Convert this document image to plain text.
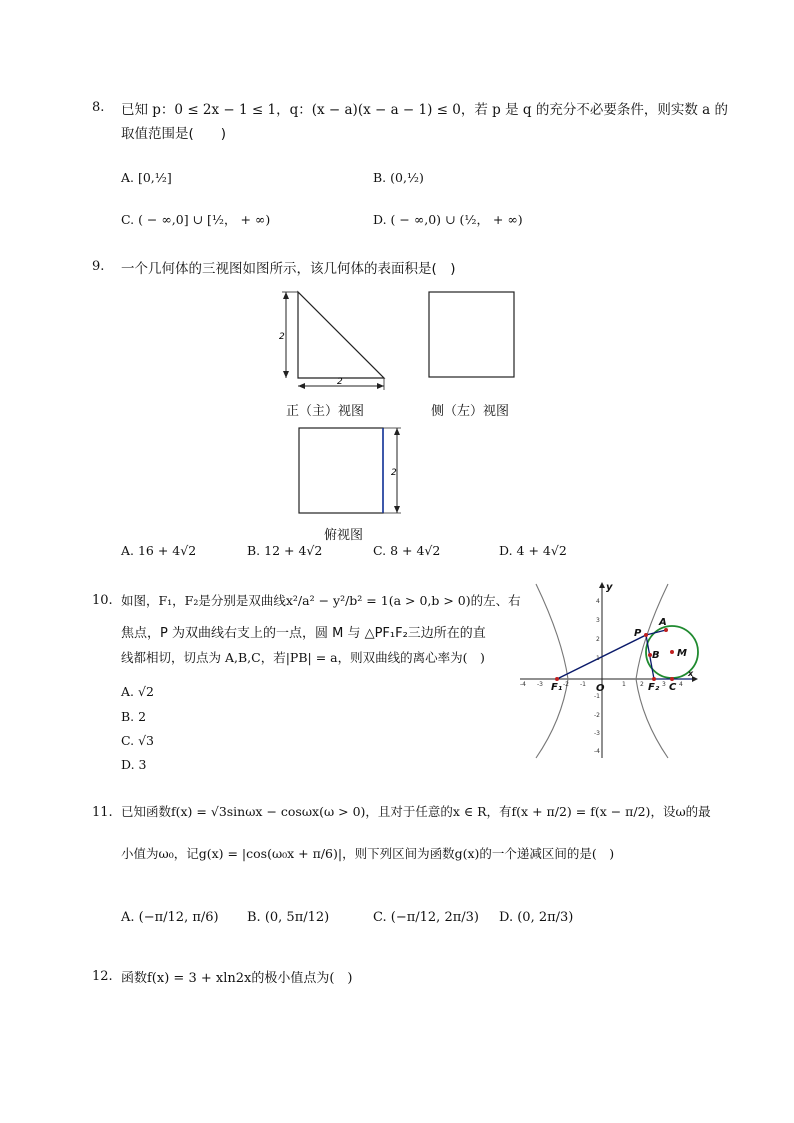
8. 已知 p：0 ≤ 2x − 1 ≤ 1，q：(x − a)(x − a − 1) ≤ 0，若 p 是 q 的充分不必要条件，则实数 a 的
取值范围是(　　)
A. [0,½]	B. (0,½)
C. ( − ∞,0] ∪ [½， + ∞)	D. ( − ∞,0) ∪ (½， + ∞)
9. 一个几何体的三视图如图所示，该几何体的表面积是(　)
2
2
正（主）视图	侧（左）视图
2
俯视图
A. 16 + 4√2	B. 12 + 4√2	C. 8 + 4√2	D. 4 + 4√2
10. 如图，F₁，F₂是分别是双曲线x²/a² − y²/b² = 1(a > 0,b > 0)的左、右
焦点，P 为双曲线右支上的一点，圆 M 与 △PF₁F₂三边所在的直
线都相切，切点为 A,B,C，若|PB| = a，则双曲线的离心率为(　)
A. √2
B. 2
C. √3
D. 3
-4 -3	-2 -1	1 2	3 4
4
3
2
1
-1
-2
-3
-4
y
x
O
F₁	F₂
P
A
B
C
M
11. 已知函数f(x) = √3sinωx − cosωx(ω > 0)，且对于任意的x ∈ R，有f(x + π/2) = f(x − π/2)，设ω的最
小值为ω₀，记g(x) = |cos(ω₀x + π/6)|，则下列区间为函数g(x)的一个递减区间的是(　)
A. (−π/12, π/6) B. (0, 5π/12)	C. (−π/12, 2π/3) D. (0, 2π/3)
12. 函数f(x) = 3 + xln2x的极小值点为(　)
